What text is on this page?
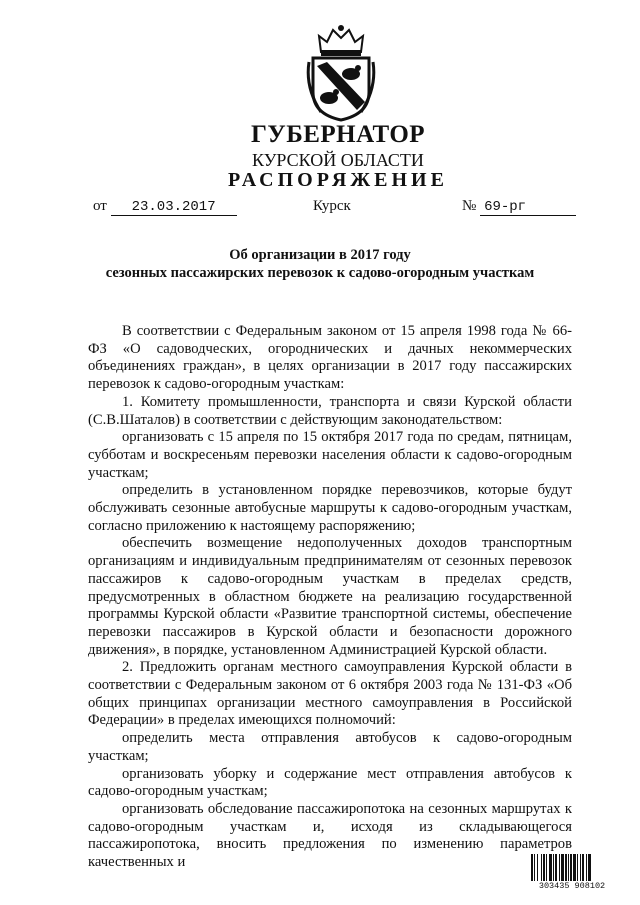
ГУБЕРНАТОР
КУРСКОЙ ОБЛАСТИ
РАСПОРЯЖЕНИЕ
от 23.03.2017	Курск	№ 69-рг
Об организации в 2017 году
сезонных пассажирских перевозок к садово-огородным участкам

В соответствии с Федеральным законом от 15 апреля 1998 года № 66-ФЗ «О садоводческих, огороднических и дачных некоммерческих объединениях граждан», в целях организации в 2017 году пассажирских перевозок к садово-огородным участкам:

1. Комитету промышленности, транспорта и связи Курской области (С.В.Шаталов) в соответствии с действующим законодательством:

организовать с 15 апреля по 15 октября 2017 года по средам, пятницам, субботам и воскресеньям перевозки населения области к садово-огородным участкам;

определить в установленном порядке перевозчиков, которые будут обслуживать сезонные автобусные маршруты к садово-огородным участкам, согласно приложению к настоящему распоряжению;

обеспечить возмещение недополученных доходов транспортным организациям и индивидуальным предпринимателям от сезонных перевозок пассажиров к садово-огородным участкам в пределах средств, предусмотренных в областном бюджете на реализацию государственной программы Курской области «Развитие транспортной системы, обеспечение перевозки пассажиров в Курской области и безопасности дорожного движения», в порядке, установленном Администрацией Курской области.

2. Предложить органам местного самоуправления Курской области в соответствии с Федеральным законом от 6 октября 2003 года № 131-ФЗ «Об общих принципах организации местного самоуправления в Российской Федерации» в пределах имеющихся полномочий:

определить места отправления автобусов к садово-огородным участкам;

организовать уборку и содержание мест отправления автобусов к садово-огородным участкам;

организовать обследование пассажиропотока на сезонных маршрутах к садово-огородным участкам и, исходя из складывающегося пассажиропотока, вносить предложения по изменению параметров качественных и

303435 908102
